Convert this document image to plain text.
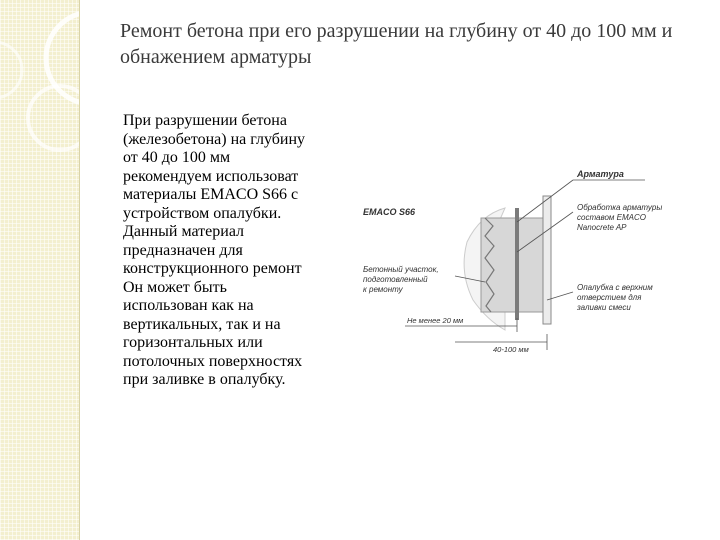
Ремонт бетона при его разрушении на глубину от 40 до 100 мм и обнажением арматуры
При разрушении бетона
(железобетона) на глубину
от 40 до 100 мм
рекомендуем использоват
материалы EMACO S66 с
устройством опалубки.
Данный материал
предназначен для
конструкционного ремонт
Он может быть
использован как на
вертикальных, так и на
горизонтальных или
потолочных поверхностях
при заливке в опалубку.
EMACO S66
Арматура
Обработка арматуры
составом EMACO
Nanocrete AP
Опалубка с верхним
отверстием для
заливки смеси
Бетонный участок,
подготовленный
к ремонту
Не менее 20 мм
40-100 мм
